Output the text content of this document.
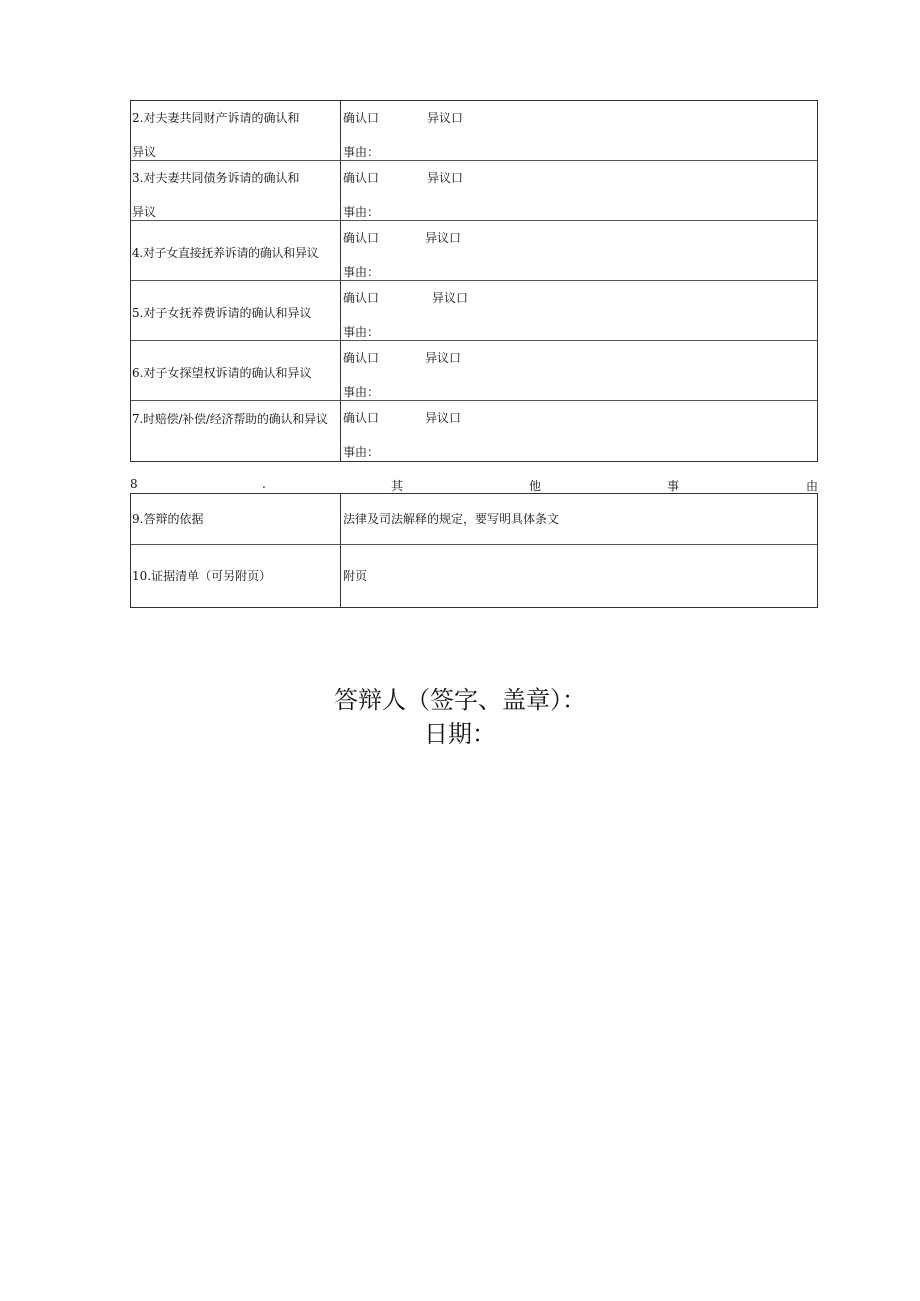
2.对夫妻共同财产诉请的确认和
异议
确认口	异议口
事由：
3.对夫妻共同债务诉请的确认和
异议
确认口	异议口
事由：
4.对子女直接抚养诉请的确认和异议
确认口	异议口
事由：
5.对子女抚养费诉请的确认和异议
确认口	异议口
事由：
6.对子女探望权诉请的确认和异议
确认口	异议口
事由：
7.时赔偿/补偿/经济帮助的确认和异议	确认口	异议口
事由：
8	.	其	他	事	由
9.答辩的依据	法律及司法解释的规定，要写明具体条文
10.证据清单（可另附页）	附页
答辩人（签字、盖章）：
日期：
